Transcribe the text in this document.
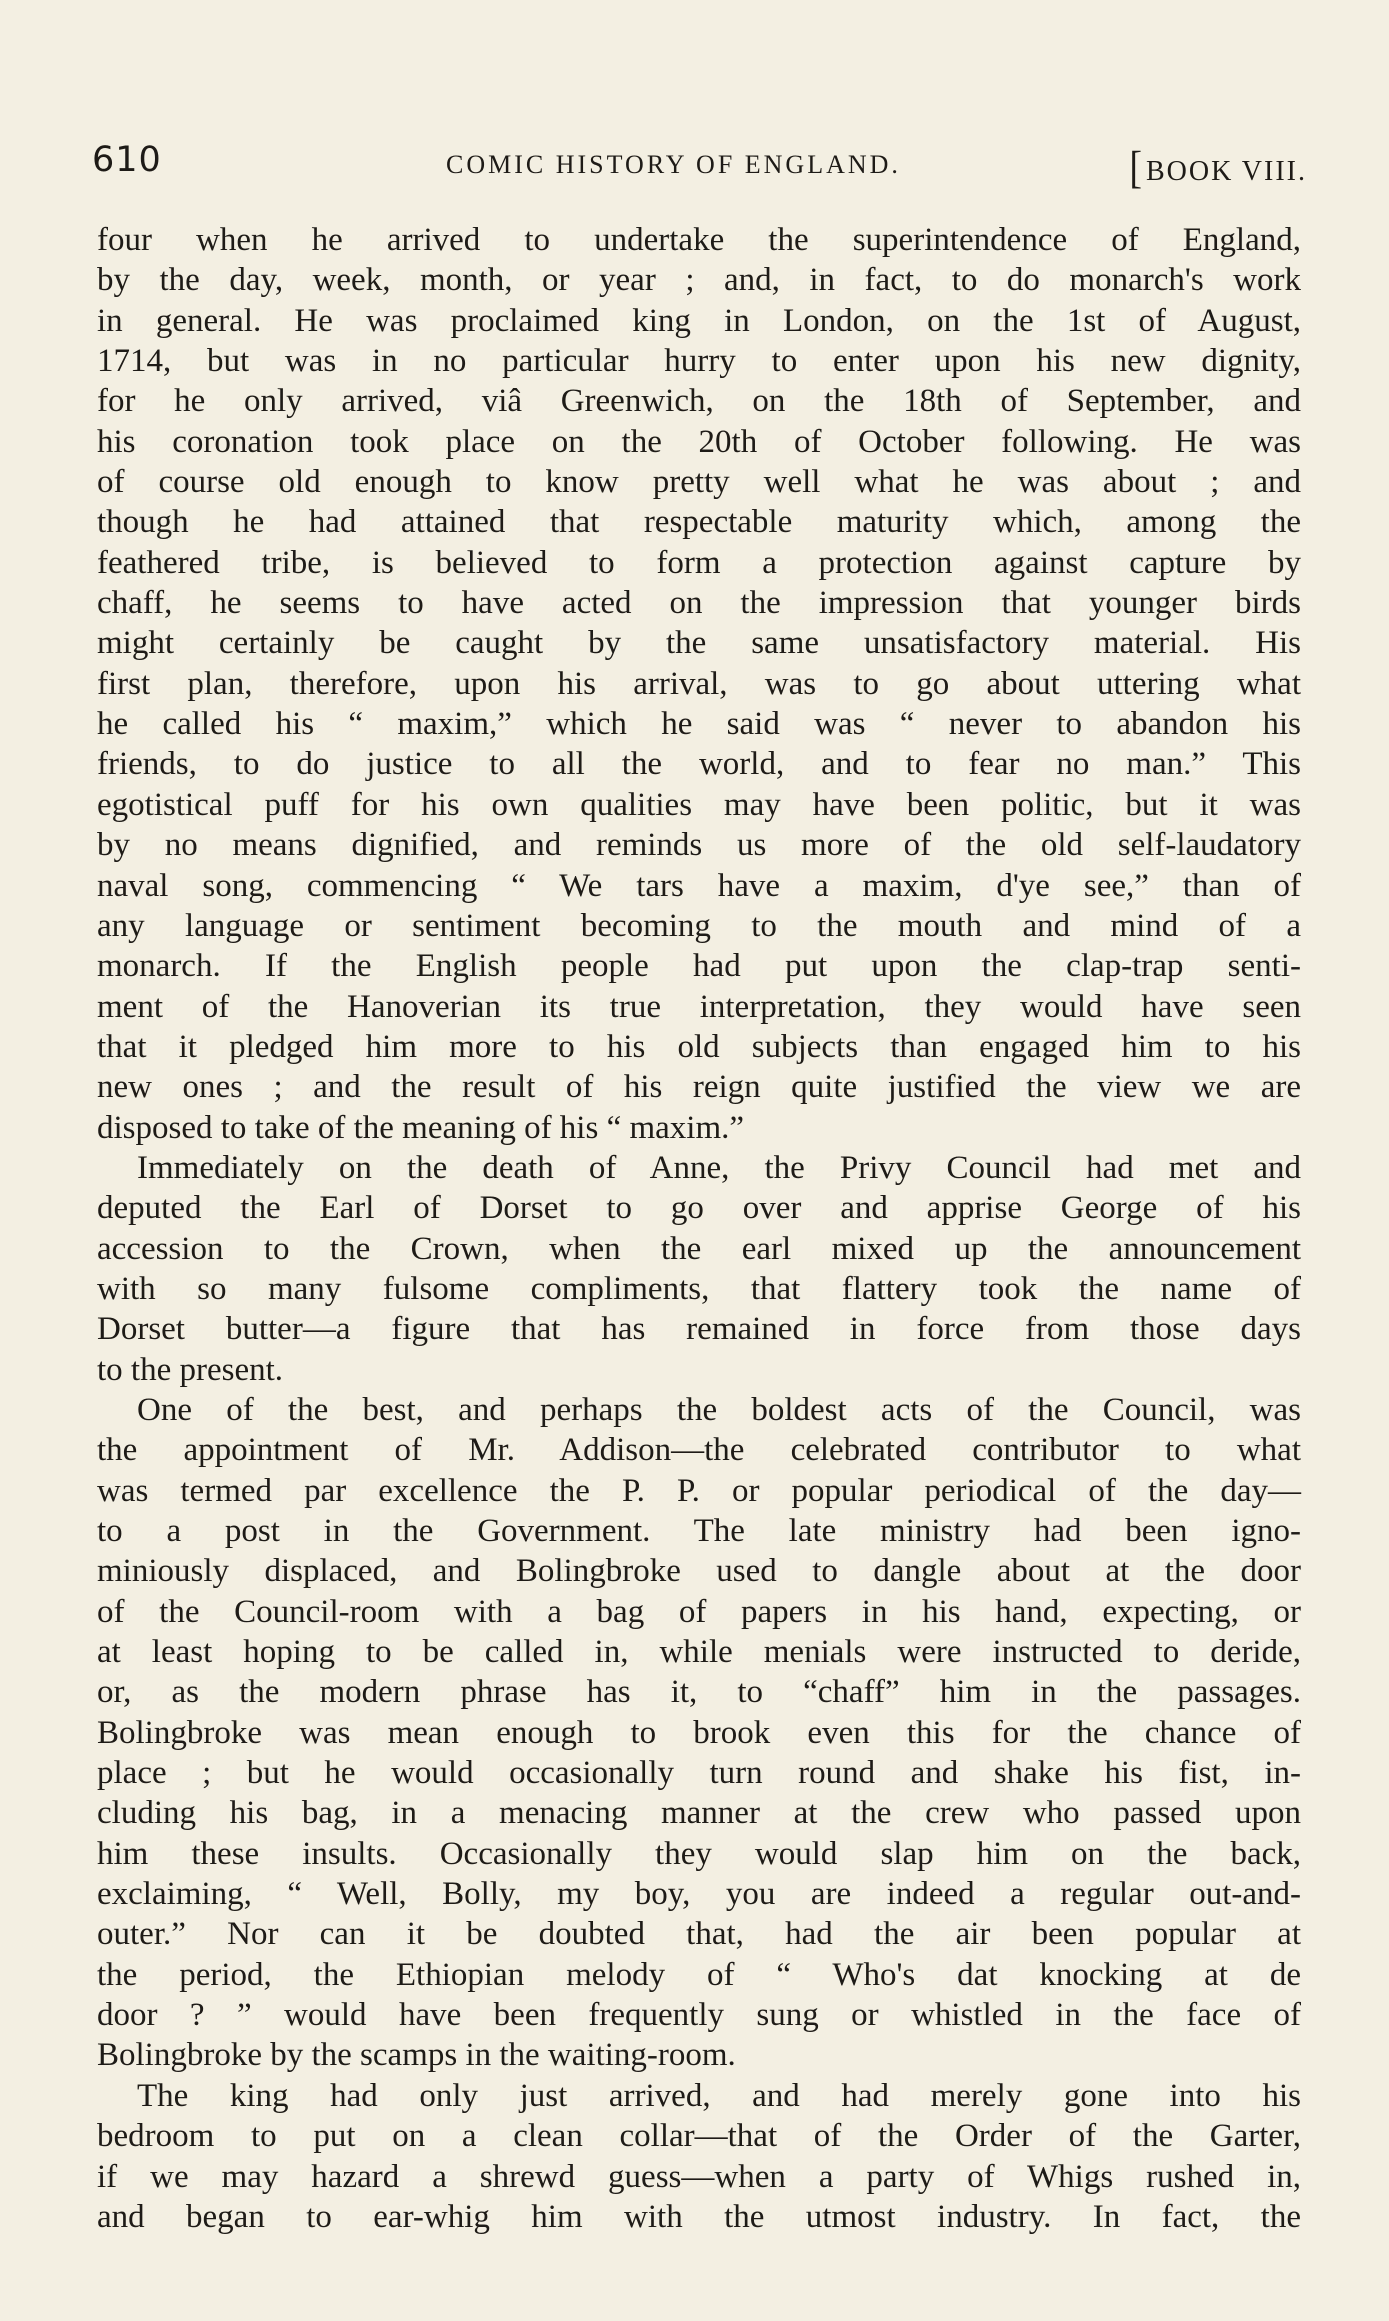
610	COMIC HISTORY OF ENGLAND.	[BOOK VIII.
four when he arrived to undertake the superintendence of England,
by the day, week, month, or year ; and, in fact, to do monarch's work
in general. He was proclaimed king in London, on the 1st of August,
1714, but was in no particular hurry to enter upon his new dignity,
for he only arrived, viâ Greenwich, on the 18th of September, and
his coronation took place on the 20th of October following. He was
of course old enough to know pretty well what he was about ; and
though he had attained that respectable maturity which, among the
feathered tribe, is believed to form a protection against capture by
chaff, he seems to have acted on the impression that younger birds
might certainly be caught by the same unsatisfactory material. His
first plan, therefore, upon his arrival, was to go about uttering what
he called his “ maxim,” which he said was “ never to abandon his
friends, to do justice to all the world, and to fear no man.” This
egotistical puff for his own qualities may have been politic, but it was
by no means dignified, and reminds us more of the old self-laudatory
naval song, commencing “ We tars have a maxim, d'ye see,” than of
any language or sentiment becoming to the mouth and mind of a
monarch. If the English people had put upon the clap-trap senti-
ment of the Hanoverian its true interpretation, they would have seen
that it pledged him more to his old subjects than engaged him to his
new ones ; and the result of his reign quite justified the view we are
disposed to take of the meaning of his “ maxim.”
Immediately on the death of Anne, the Privy Council had met and
deputed the Earl of Dorset to go over and apprise George of his
accession to the Crown, when the earl mixed up the announcement
with so many fulsome compliments, that flattery took the name of
Dorset butter—a figure that has remained in force from those days
to the present.
One of the best, and perhaps the boldest acts of the Council, was
the appointment of Mr. Addison—the celebrated contributor to what
was termed par excellence the P. P. or popular periodical of the day—
to a post in the Government. The late ministry had been igno-
miniously displaced, and Bolingbroke used to dangle about at the door
of the Council-room with a bag of papers in his hand, expecting, or
at least hoping to be called in, while menials were instructed to deride,
or, as the modern phrase has it, to “chaff” him in the passages.
Bolingbroke was mean enough to brook even this for the chance of
place ; but he would occasionally turn round and shake his fist, in-
cluding his bag, in a menacing manner at the crew who passed upon
him these insults. Occasionally they would slap him on the back,
exclaiming, “ Well, Bolly, my boy, you are indeed a regular out-and-
outer.” Nor can it be doubted that, had the air been popular at
the period, the Ethiopian melody of “ Who's dat knocking at de
door ? ” would have been frequently sung or whistled in the face of
Bolingbroke by the scamps in the waiting-room.
The king had only just arrived, and had merely gone into his
bedroom to put on a clean collar—that of the Order of the Garter,
if we may hazard a shrewd guess—when a party of Whigs rushed in,
and began to ear-whig him with the utmost industry. In fact, the
